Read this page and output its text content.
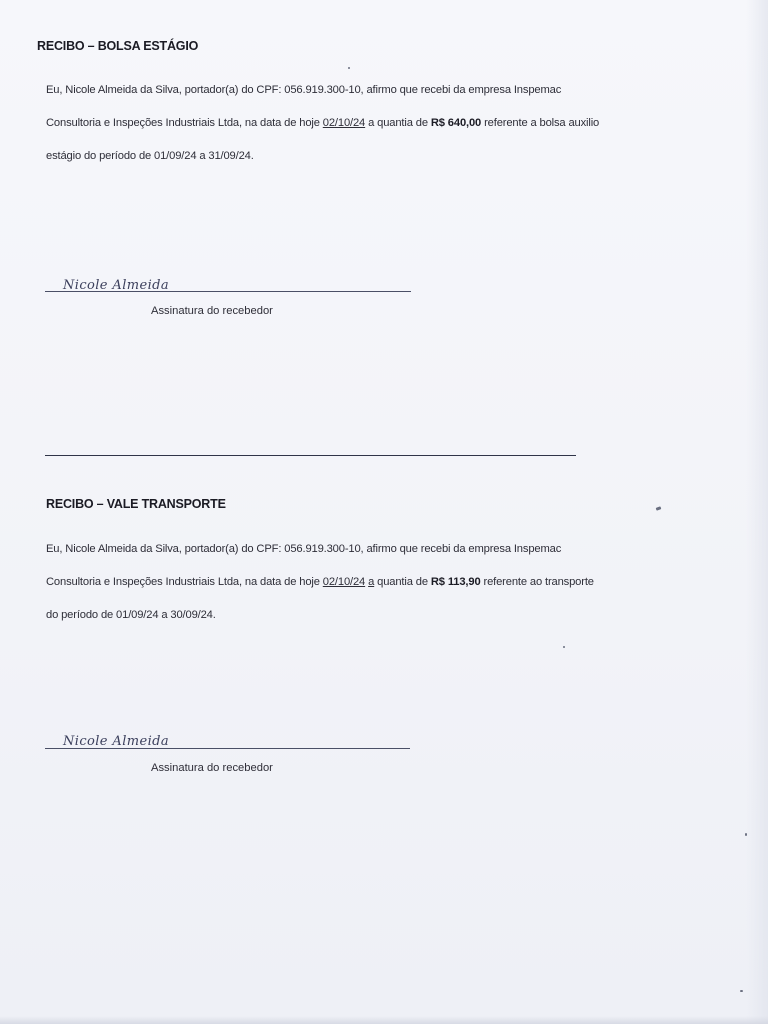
RECIBO – BOLSA ESTÁGIO
Eu, Nicole Almeida da Silva, portador(a) do CPF: 056.919.300-10, afirmo que recebi da empresa Inspemac
Consultoria e Inspeções Industriais Ltda, na data de hoje 02/10/24 a quantia de R$ 640,00 referente a bolsa auxilio
estágio do período de 01/09/24 a 31/09/24.
Nicole Almeida
Assinatura do recebedor
RECIBO – VALE TRANSPORTE
Eu, Nicole Almeida da Silva, portador(a) do CPF: 056.919.300-10, afirmo que recebi da empresa Inspemac
Consultoria e Inspeções Industriais Ltda, na data de hoje 02/10/24 a quantia de R$ 113,90 referente ao transporte
do período de 01/09/24 a 30/09/24.
Nicole Almeida
Assinatura do recebedor
